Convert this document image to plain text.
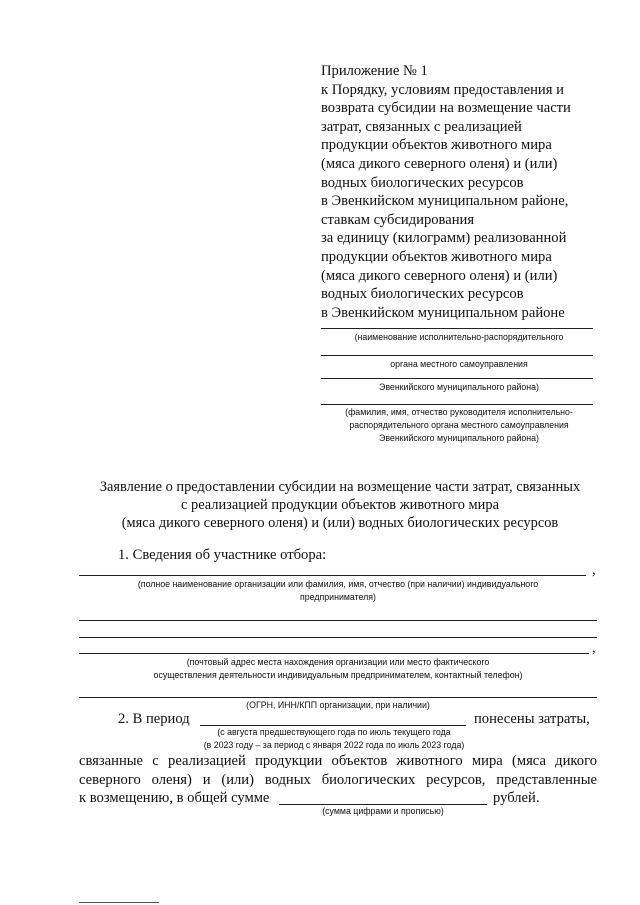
Приложение № 1
к Порядку, условиям предоставления и
возврата субсидии на возмещение части
затрат, связанных с реализацией
продукции объектов животного мира
(мяса дикого северного оленя) и (или)
водных биологических ресурсов
в Эвенкийском муниципальном районе,
ставкам субсидирования
за единицу (килограмм) реализованной
продукции объектов животного мира
(мяса дикого северного оленя) и (или)
водных биологических ресурсов
в Эвенкийском муниципальном районе
(наименование исполнительно-распорядительного
органа местного самоуправления
Эвенкийского муниципального района)
(фамилия, имя, отчество руководителя исполнительно-
распорядительного органа местного самоуправления
Эвенкийского муниципального района)
Заявление о предоставлении субсидии на возмещение части затрат, связанных
с реализацией продукции объектов животного мира
(мяса дикого северного оленя) и (или) водных биологических ресурсов
1. Сведения об участнике отбора:
,
(полное наименование организации или фамилия, имя, отчество (при наличии) индивидуального
предпринимателя)
,
(почтовый адрес места нахождения организации или место фактического
осуществления деятельности индивидуальным предпринимателем, контактный телефон)
(ОГРН, ИНН/КПП организации, при наличии)
2. В период	понесены затраты,
(с августа предшествующего года по июль текущего года
(в 2023 году – за период с января 2022 года по июль 2023 года)
связанные с реализацией продукции объектов животного мира (мяса дикого
северного оленя) и (или) водных биологических ресурсов, представленные
к возмещению, в общей сумме	рублей.
(сумма цифрами и прописью)
